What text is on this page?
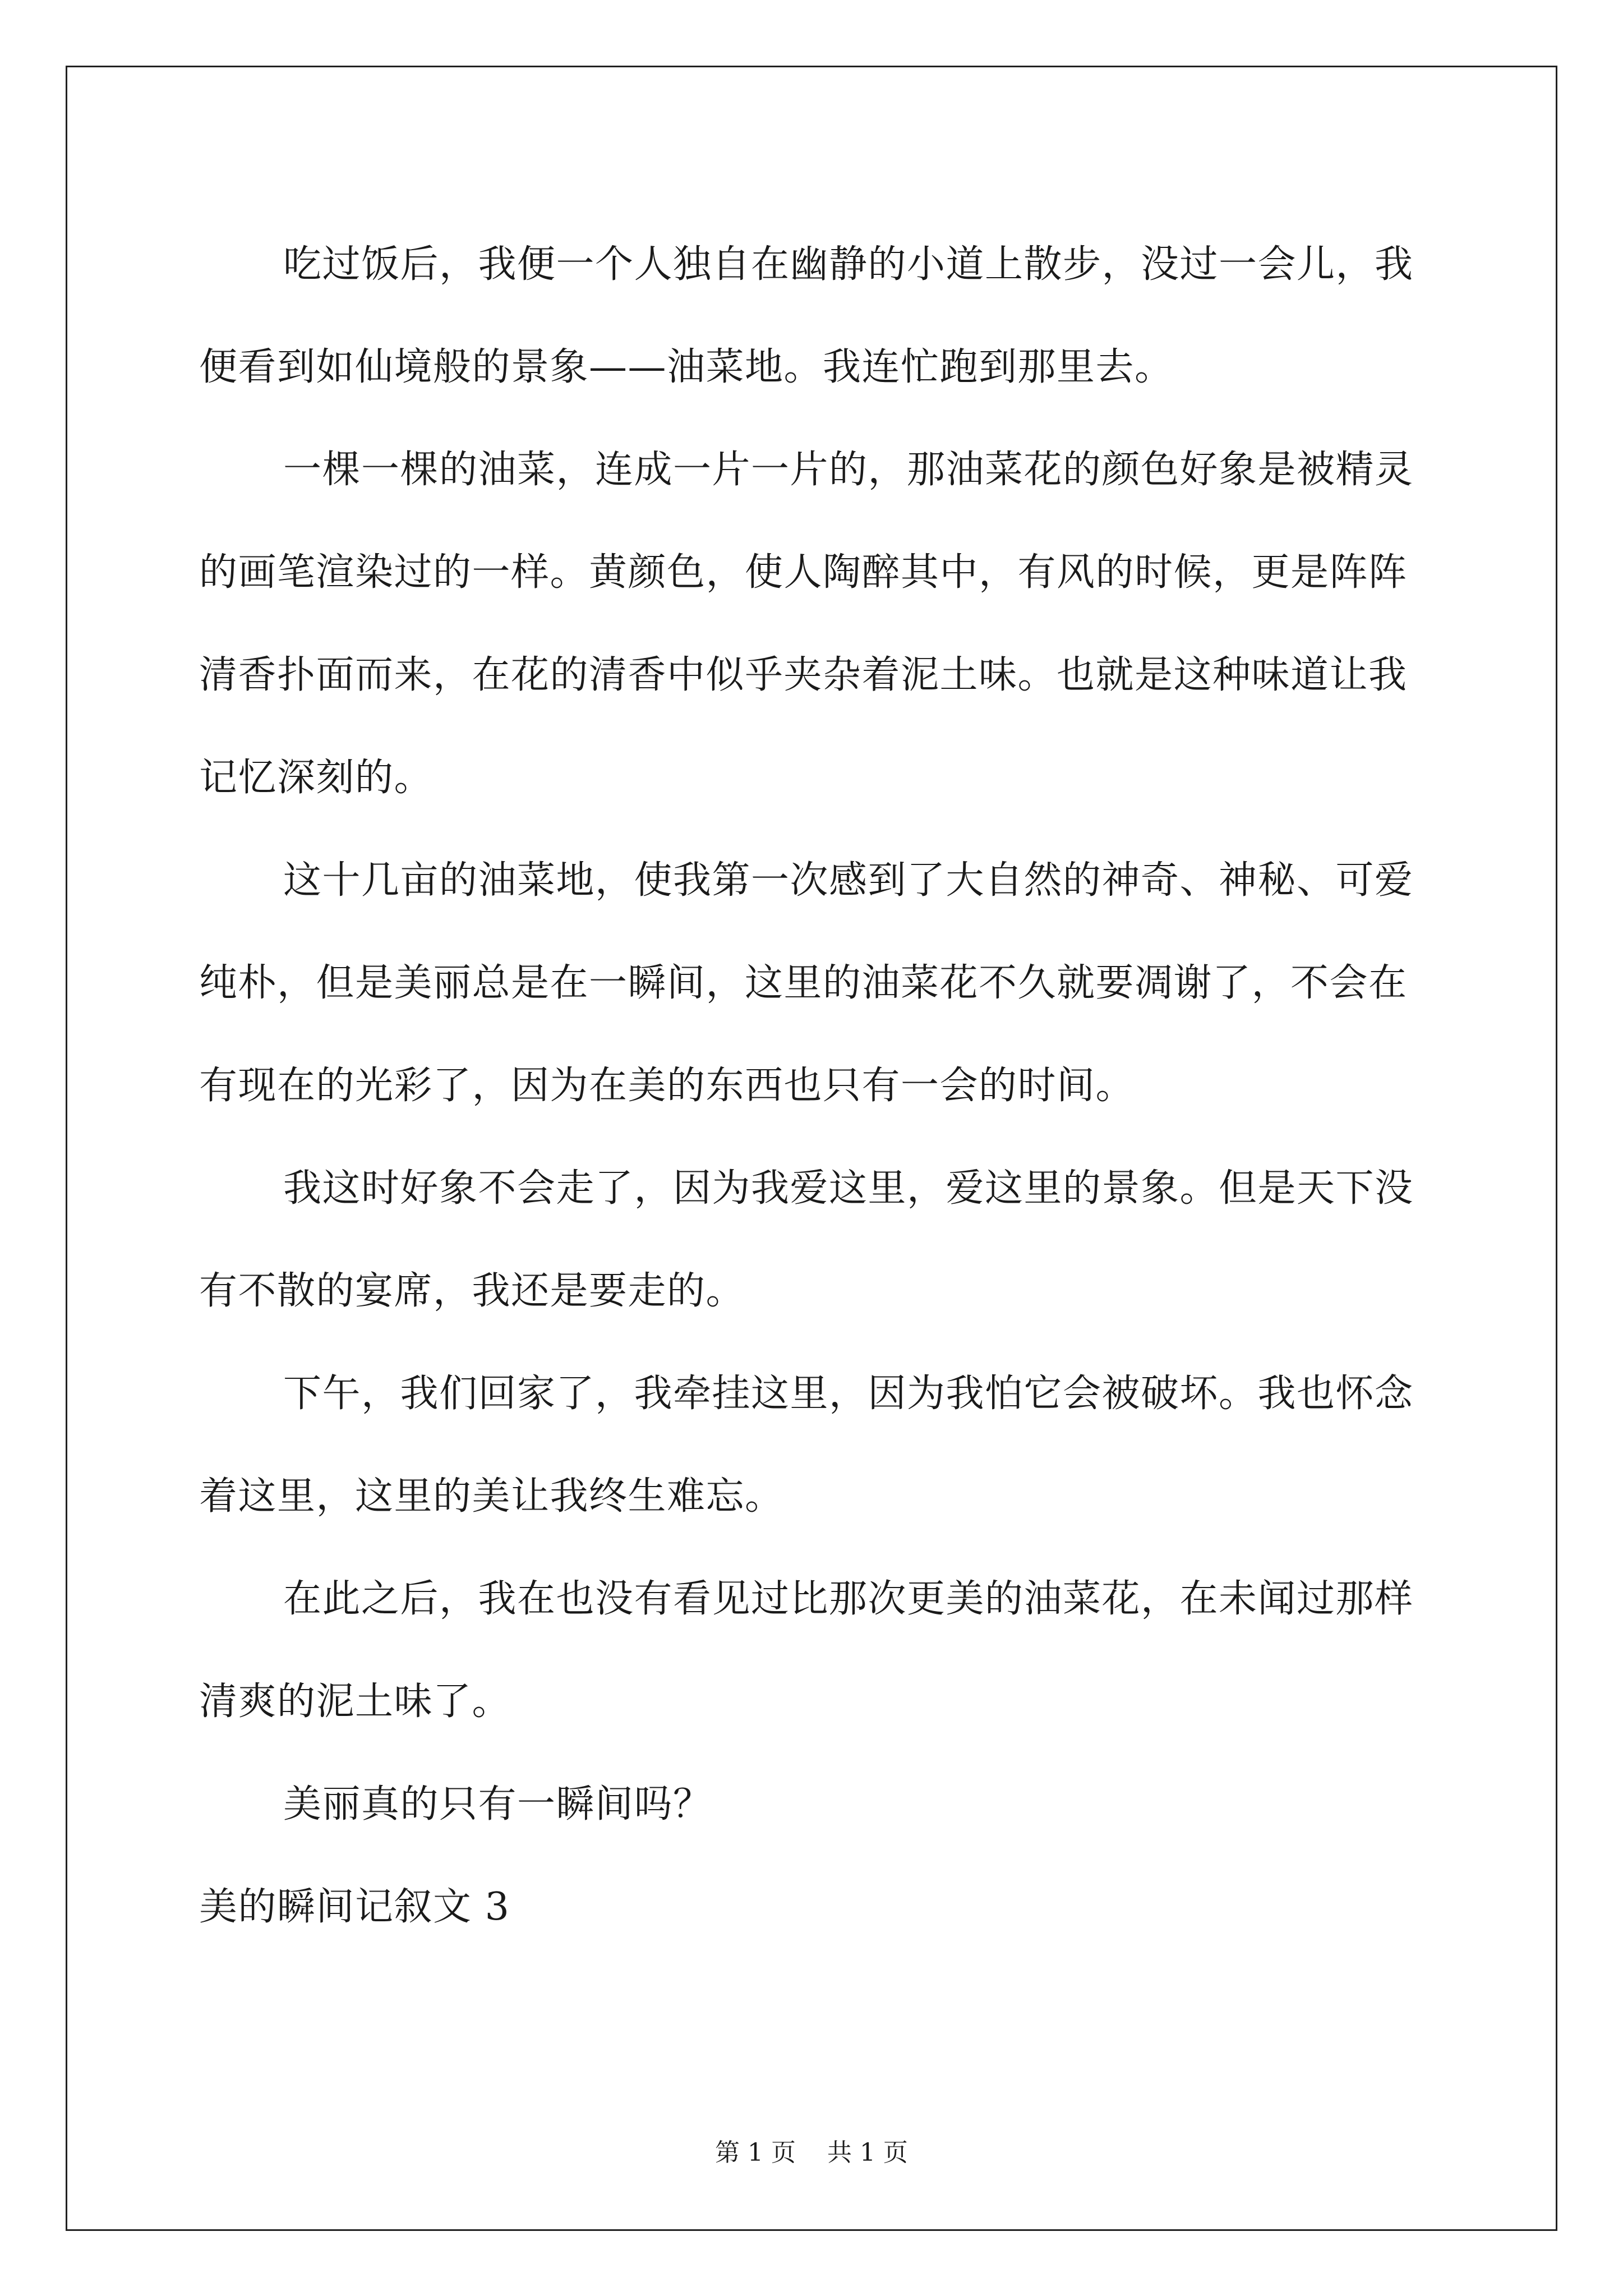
吃过饭后，我便一个人独自在幽静的小道上散步，没过一会儿，我便看到如仙境般的景象——油菜地。我连忙跑到那里去。

一棵一棵的油菜，连成一片一片的，那油菜花的颜色好象是被精灵的画笔渲染过的一样。黄颜色，使人陶醉其中，有风的时候，更是阵阵清香扑面而来，在花的清香中似乎夹杂着泥土味。也就是这种味道让我记忆深刻的。

这十几亩的油菜地，使我第一次感到了大自然的神奇、神秘、可爱纯朴，但是美丽总是在一瞬间，这里的油菜花不久就要凋谢了，不会在有现在的光彩了，因为在美的东西也只有一会的时间。

我这时好象不会走了，因为我爱这里，爱这里的景象。但是天下没有不散的宴席，我还是要走的。

下午，我们回家了，我牵挂这里，因为我怕它会被破坏。我也怀念着这里，这里的美让我终生难忘。

在此之后，我在也没有看见过比那次更美的油菜花，在未闻过那样清爽的泥土味了。

美丽真的只有一瞬间吗？

美的瞬间记叙文 3

第 1 页 共 1 页
